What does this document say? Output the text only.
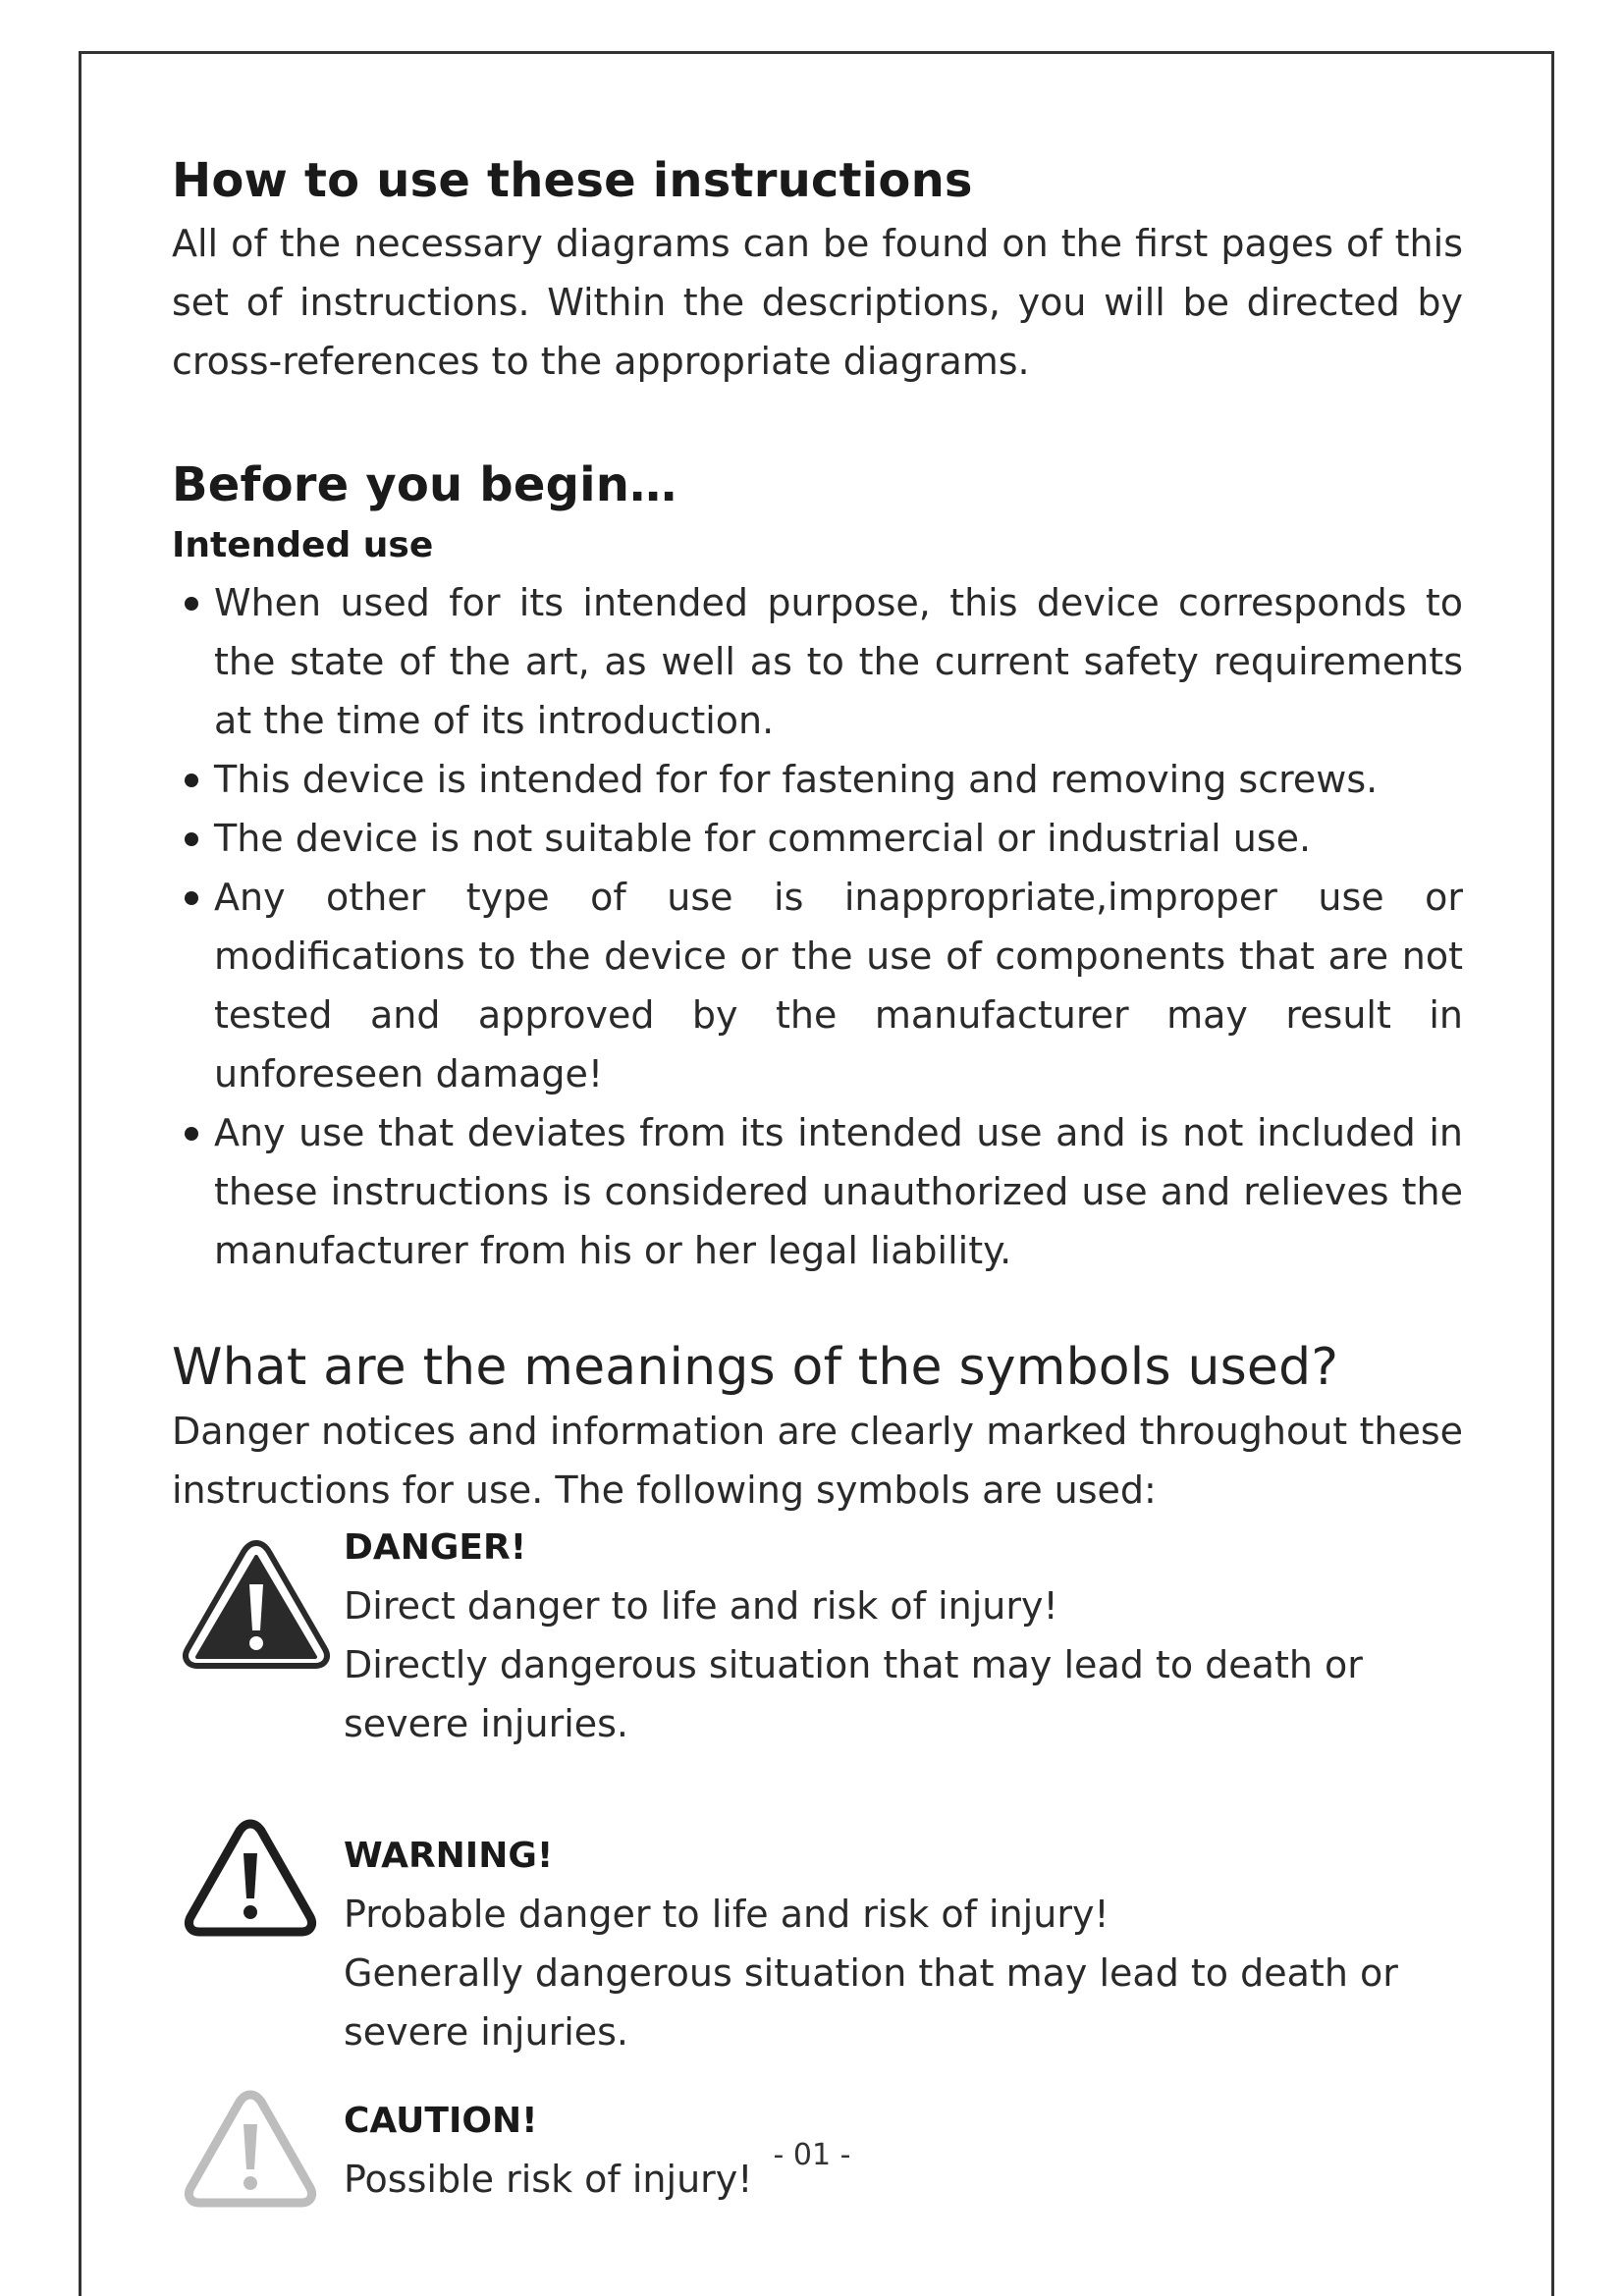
How to use these instructions

All of the necessary diagrams can be found on the first pages of this set of instructions. Within the descriptions, you will be directed by cross-references to the appropriate diagrams.

Before you begin…
Intended use
When used for its intended purpose, this device corresponds to the state of the art, as well as to the current safety requirements at the time of its introduction.
This device is intended for for fastening and removing screws.
The device is not suitable for commercial or industrial use.
Any other type of use is inappropriate,improper use or modifications to the device or the use of components that are not tested and approved by the manufacturer may result in unforeseen damage!
Any use that deviates from its intended use and is not included in these instructions is considered unauthorized use and relieves the manufacturer from his or her legal liability.
What are the meanings of the symbols used?

Danger notices and information are clearly marked throughout these instructions for use. The following symbols are used:

DANGER!
Direct danger to life and risk of injury!
Directly dangerous situation that may lead to death or severe injuries.
WARNING!
Probable danger to life and risk of injury!
Generally dangerous situation that may lead to death or severe injuries.
CAUTION!
Possible risk of injury!
- 01 -
